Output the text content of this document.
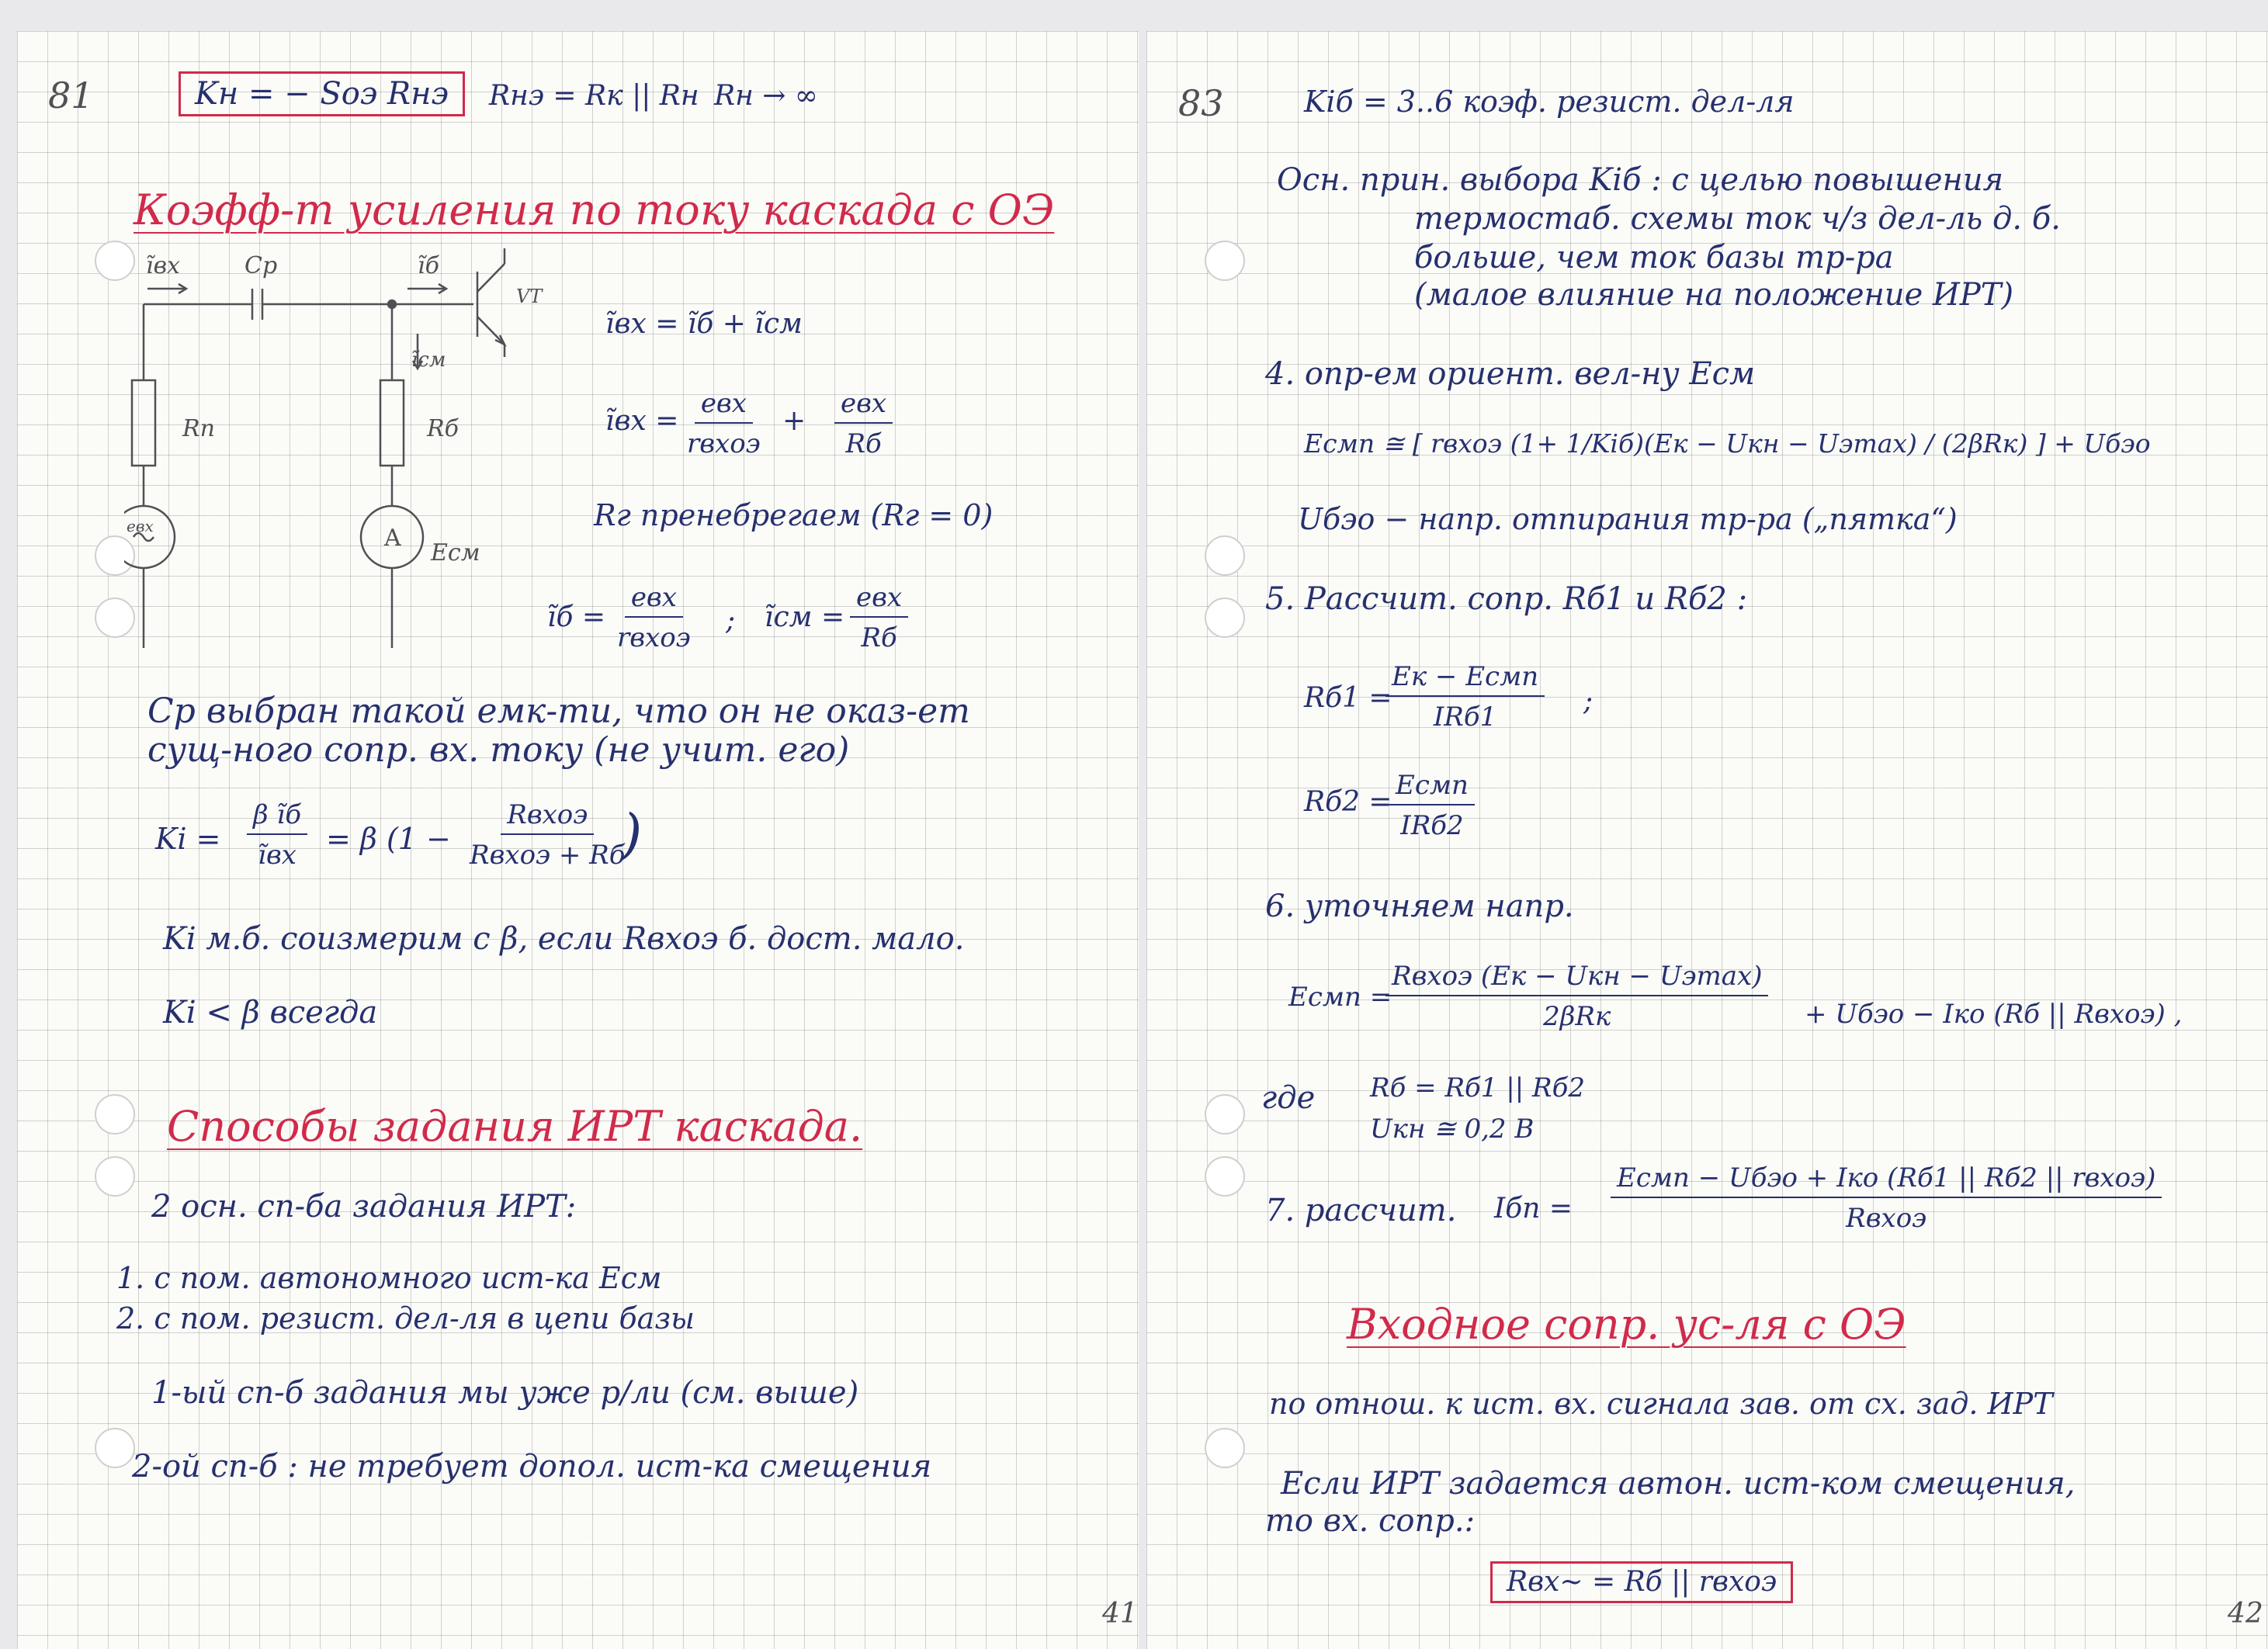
81	Kн = − Sоэ Rнэ	Rнэ = Rк || Rн Rн → ∞
Коэфф-т усиления по току каскада с ОЭ
ĩвх	Cp	ĩб
VT
ĩсм
Rп	Rб
eвх	A
Eсм
ĩвх = ĩб + ĩсм
ĩвх =
eвх
rвхоэ
+
eвх
Rб
Rг пренебрегаем (Rг = 0)
ĩб =
eвх
rвхоэ
; ĩсм =
eвх
Rб
Cp выбран такой емк-ти, что он не оказ-ет
сущ-ного сопр. вх. току (не учит. его)
Ki =
β ĩб
ĩвх = β (1 −
Rвхоэ
Rвхоэ + Rб
)
Ki м.б. соизмерим с β, если Rвхоэ б. дост. мало.
Ki < β всегда
Способы задания ИРТ каскада.
2 осн. сп-ба задания ИРТ:
1. с пом. автономного ист-ка Eсм
2. с пом. резист. дел-ля в цепи базы
1-ый сп-б задания мы уже р/ли (см. выше)
2-ой сп-б : не требует допол. ист-ка смещения
41
83	Kiб = 3..6 коэф. резист. дел-ля
Осн. прин. выбора Kiб : с целью повышения
термостаб. схемы ток ч/з дел-ль д. б.
больше, чем ток базы тр-ра
(малое влияние на положение ИРТ)
4. опр-ем ориент. вел-ну Eсм
Eсмп ≅ [ rвхоэ (1+ 1/Kiб)(Eк − Uкн − Uэmax) / (2βRк) ] + Uбэо
Uбэо − напр. отпирания тр-ра („пятка“)
5. Рассчит. сопр. Rб1 и Rб2 :
Rб1 =
Eк − Eсмп
IRб1	;
Rб2 =
Eсмп
IRб2
6. уточняем напр.
Eсмп =
Rвхоэ (Eк − Uкн − Uэmax)
2βRк	+ Uбэо − Iко (Rб || Rвхоэ) ,
где Rб = Rб1 || Rб2
Uкн ≅ 0,2 В
7. рассчит. Iбп =
Eсмп − Uбэо + Iко (Rб1 || Rб2 || rвхоэ)
Rвхоэ
Входное сопр. ус-ля с ОЭ
по отнош. к ист. вх. сигнала зав. от сх. зад. ИРТ
Если ИРТ задается автон. ист-ком смещения,
то вх. сопр.:
Rвх~ = Rб || rвхоэ
42
